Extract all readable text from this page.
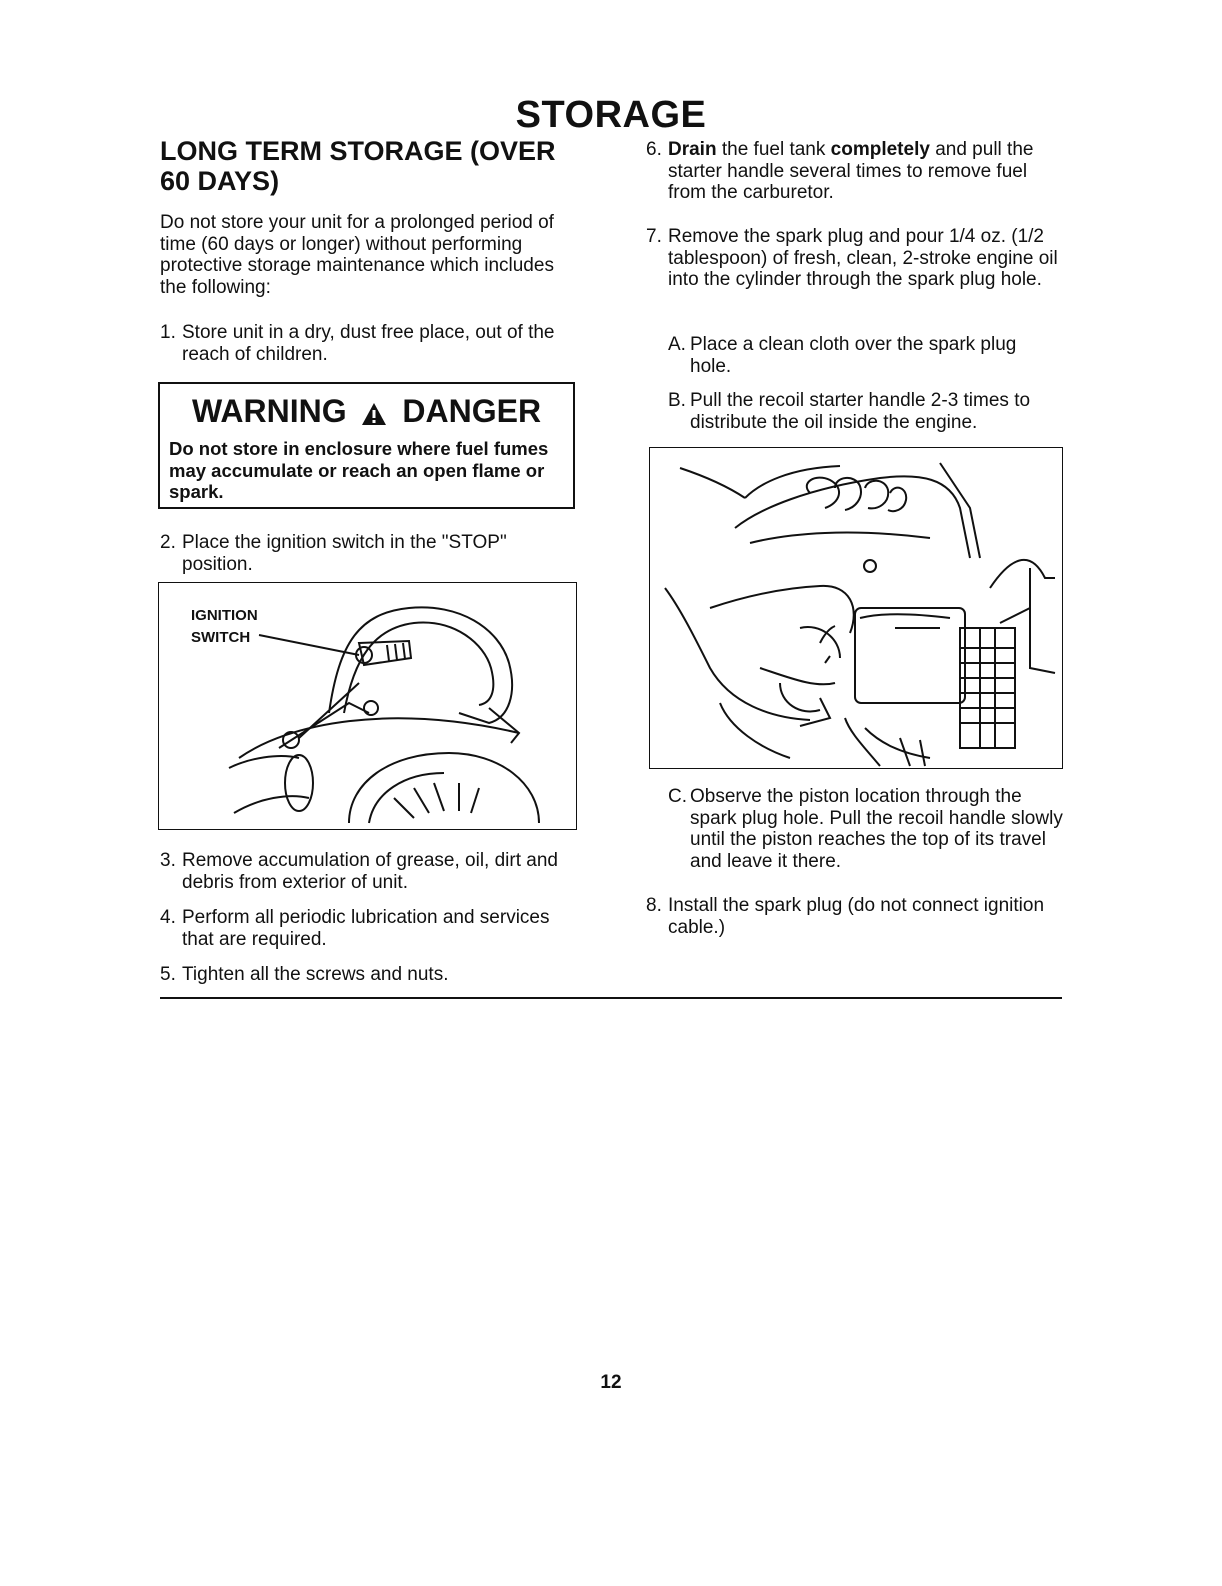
STORAGE
LONG TERM STORAGE (OVER 60 DAYS)
Do not store your unit for a prolonged period of time (60 days or longer) without performing protective storage maintenance which includes the following:
1. Store unit in a dry, dust free place, out of the reach of children.
WARNING DANGER
Do not store in enclosure where fuel fumes may accumulate or reach an open flame or spark.
2. Place the ignition switch in the "STOP" position.
IGNITION
SWITCH
3. Remove accumulation of grease, oil, dirt and debris from exterior of unit.
4. Perform all periodic lubrication and services that are required.
5. Tighten all the screws and nuts.
6. Drain the fuel tank completely and pull the starter handle several times to remove fuel from the carburetor.
7. Remove the spark plug and pour 1/4 oz. (1/2 tablespoon) of fresh, clean, 2-stroke engine oil into the cylinder through the spark plug hole.
A. Place a clean cloth over the spark plug hole.
B. Pull the recoil starter handle 2-3 times to distribute the oil inside the engine.
C. Observe the piston location through the spark plug hole. Pull the recoil handle slowly until the piston reaches the top of its travel and leave it there.
8. Install the spark plug (do not connect ignition cable.)
12
